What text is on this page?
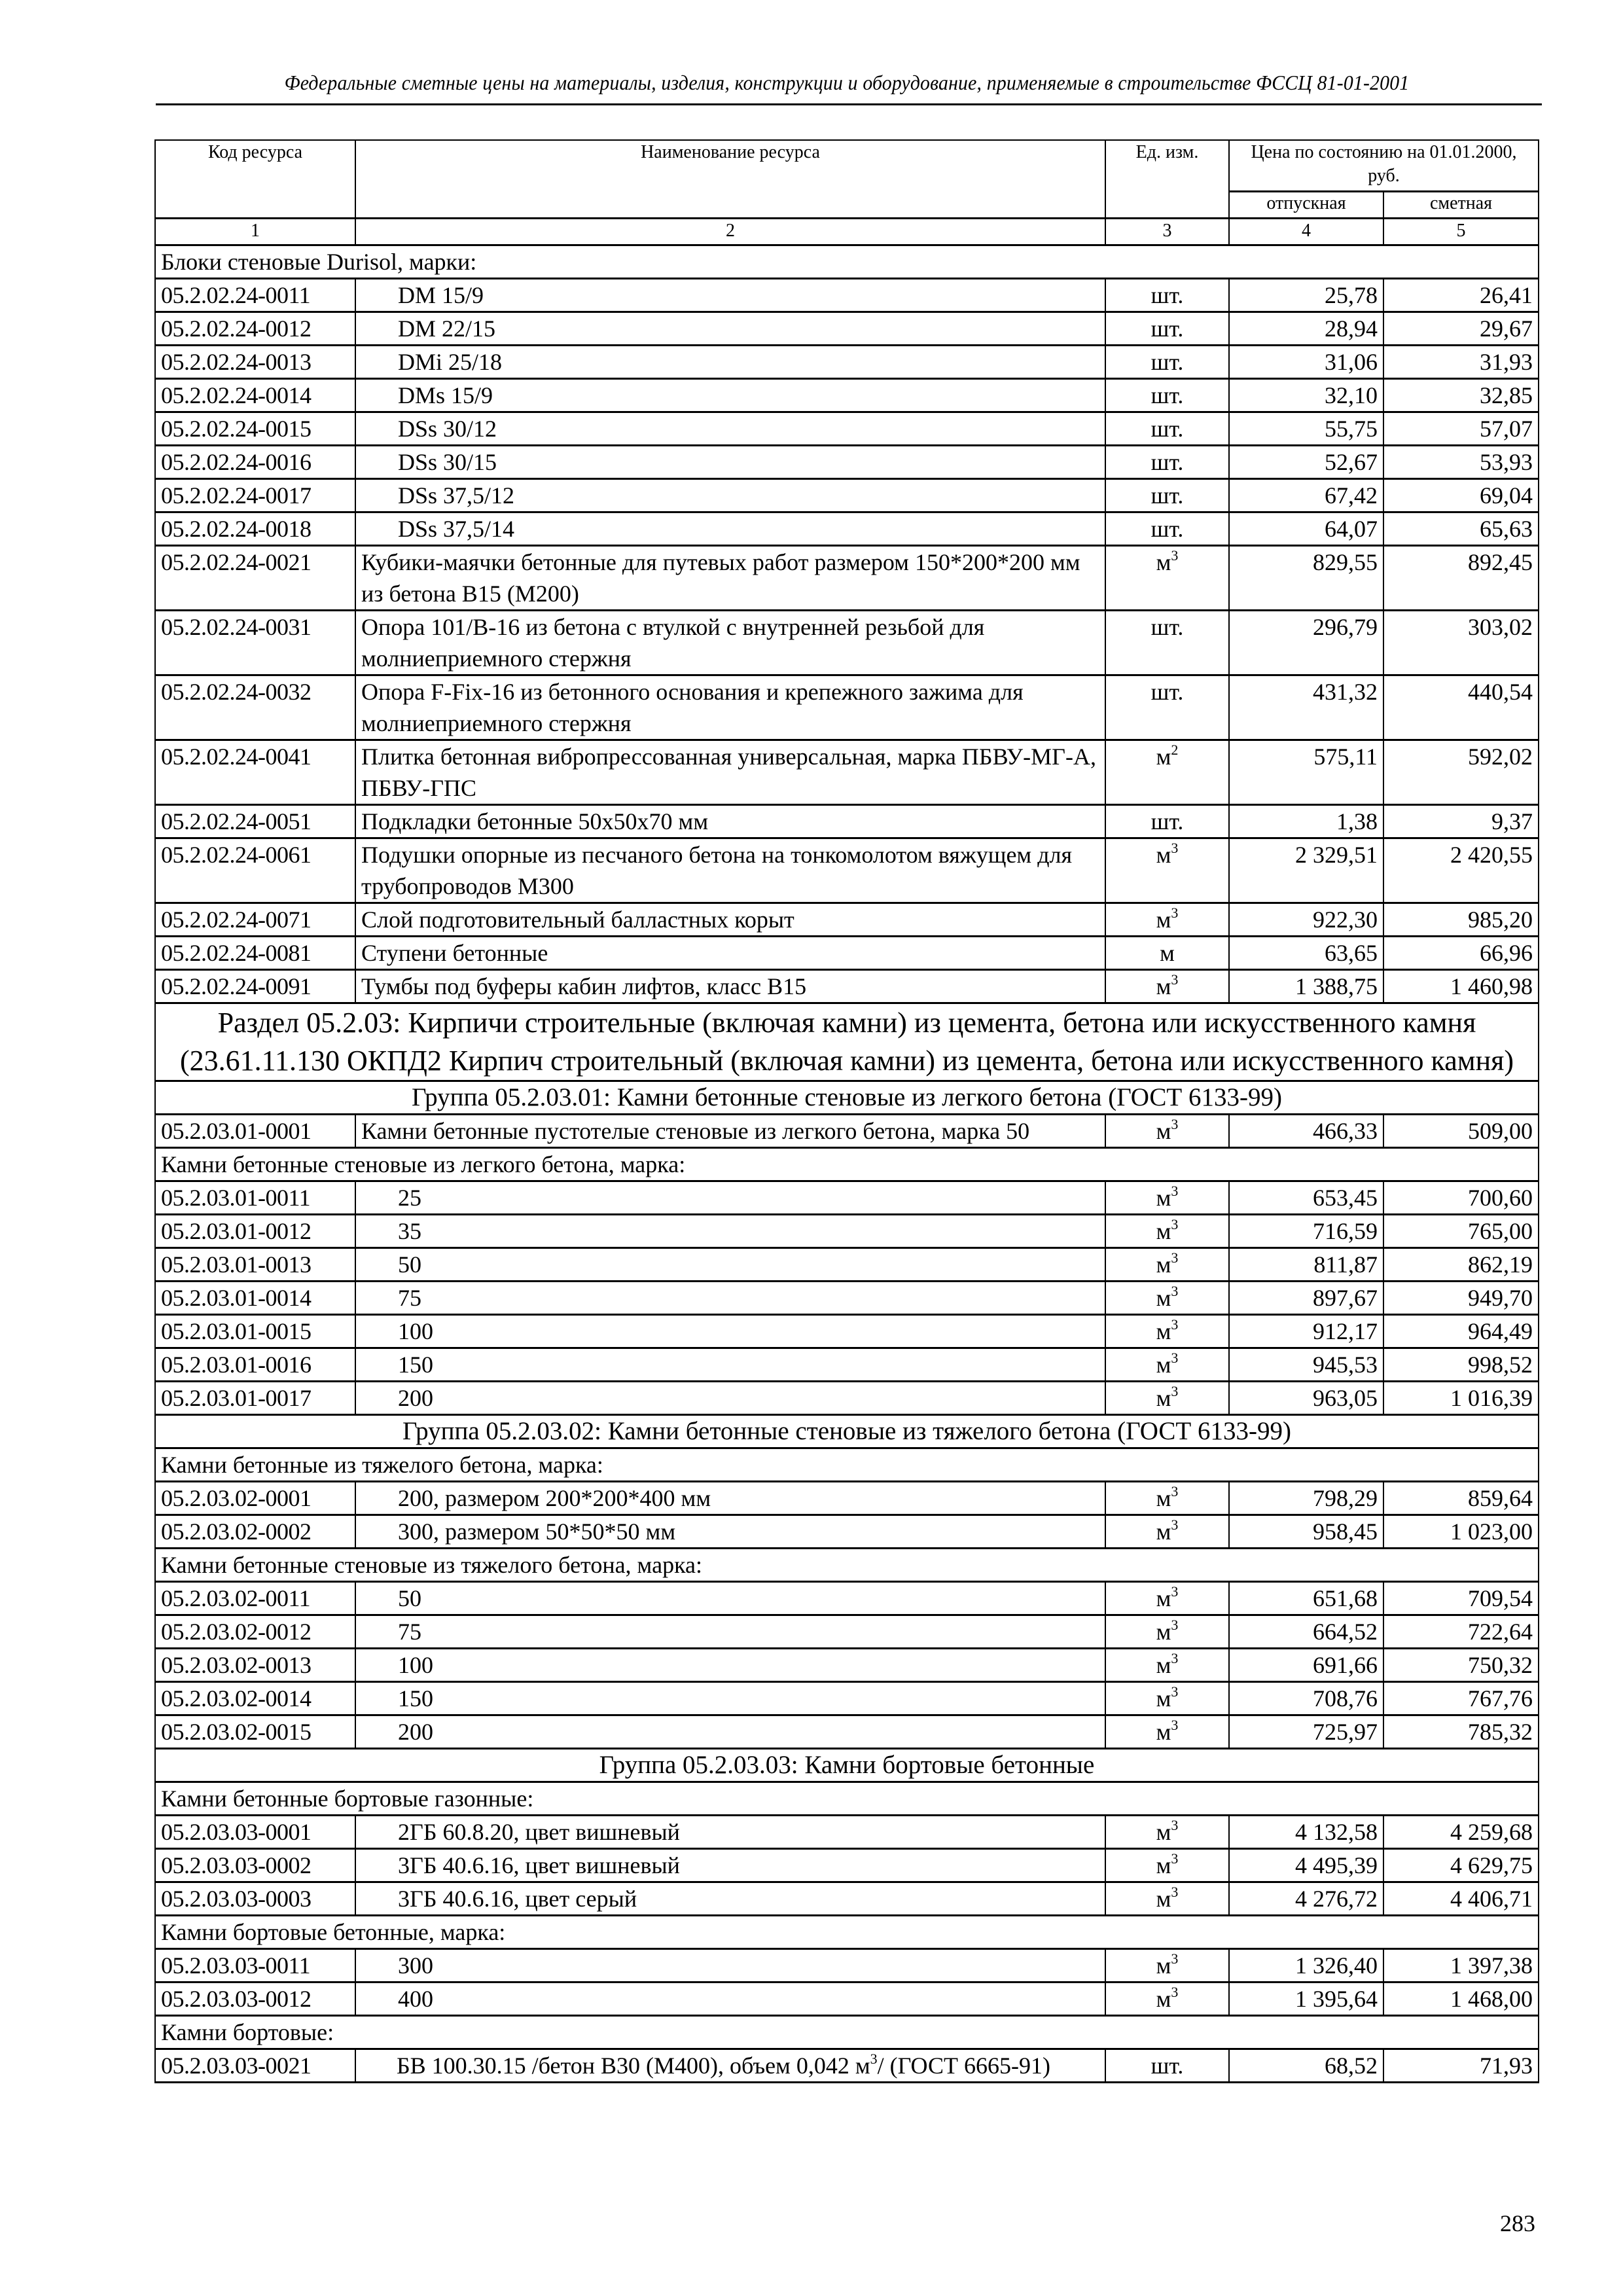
Федеральные сметные цены на материалы, изделия, конструкции и оборудование, применяемые в строительстве ФССЦ 81-01-2001
Код ресурса	Наименование ресурса	Ед. изм.	Цена по состоянию на 01.01.2000, руб.	
			отпускная	сметная
1	2	3	4	5
Блоки стеновые Durisol, марки:				
05.2.02.24-0011	DM 15/9	шт.	25,78	26,41
05.2.02.24-0012	DM 22/15	шт.	28,94	29,67
05.2.02.24-0013	DMi 25/18	шт.	31,06	31,93
05.2.02.24-0014	DMs 15/9	шт.	32,10	32,85
05.2.02.24-0015	DSs 30/12	шт.	55,75	57,07
05.2.02.24-0016	DSs 30/15	шт.	52,67	53,93
05.2.02.24-0017	DSs 37,5/12	шт.	67,42	69,04
05.2.02.24-0018	DSs 37,5/14	шт.	64,07	65,63
05.2.02.24-0021	Кубики-маячки бетонные для путевых работ размером 150*200*200 мм из бетона В15 (М200)	$м^3$	829,55	892,45
05.2.02.24-0031	Опора 101/В-16 из бетона с втулкой с внутренней резьбой для молниеприемного стержня	шт.	296,79	303,02
05.2.02.24-0032	Опора F-Fix-16 из бетонного основания и крепежного зажима для молниеприемного стержня	шт.	431,32	440,54
05.2.02.24-0041	Плитка бетонная вибропрессованная универсальная, марка ПБВУ-МГ-А, ПБВУ-ГПС	$м^2$	575,11	592,02
05.2.02.24-0051	Подкладки бетонные 50х50х70 мм	шт.	1,38	9,37
05.2.02.24-0061	Подушки опорные из песчаного бетона на тонкомолотом вяжущем для трубопроводов М300	$м^3$	2 329,51	2 420,55
05.2.02.24-0071	Слой подготовительный балластных корыт	$м^3$	922,30	985,20
05.2.02.24-0081	Ступени бетонные	м	63,65	66,96
05.2.02.24-0091	Тумбы под буферы кабин лифтов, класс В15	$м^3$	1 388,75	1 460,98
Раздел 05.2.03: Кирпичи строительные (включая камни) из цемента, бетона или искусственного камня (23.61.11.130 ОКПД2 Кирпич строительный (включая камни) из цемента, бетона или искусственного камня)				
Группа 05.2.03.01: Камни бетонные стеновые из легкого бетона (ГОСТ 6133-99)				
05.2.03.01-0001	Камни бетонные пустотелые стеновые из легкого бетона, марка 50	$м^3$	466,33	509,00
Камни бетонные стеновые из легкого бетона, марка:				
05.2.03.01-0011	25	$м^3$	653,45	700,60
05.2.03.01-0012	35	$м^3$	716,59	765,00
05.2.03.01-0013	50	$м^3$	811,87	862,19
05.2.03.01-0014	75	$м^3$	897,67	949,70
05.2.03.01-0015	100	$м^3$	912,17	964,49
05.2.03.01-0016	150	$м^3$	945,53	998,52
05.2.03.01-0017	200	$м^3$	963,05	1 016,39
Группа 05.2.03.02: Камни бетонные стеновые из тяжелого бетона (ГОСТ 6133-99)				
Камни бетонные из тяжелого бетона, марка:				
05.2.03.02-0001	200, размером 200*200*400 мм	$м^3$	798,29	859,64
05.2.03.02-0002	300, размером 50*50*50 мм	$м^3$	958,45	1 023,00
Камни бетонные стеновые из тяжелого бетона, марка:				
05.2.03.02-0011	50	$м^3$	651,68	709,54
05.2.03.02-0012	75	$м^3$	664,52	722,64
05.2.03.02-0013	100	$м^3$	691,66	750,32
05.2.03.02-0014	150	$м^3$	708,76	767,76
05.2.03.02-0015	200	$м^3$	725,97	785,32
Группа 05.2.03.03: Камни бортовые бетонные				
Камни бетонные бортовые газонные:				
05.2.03.03-0001	2ГБ 60.8.20, цвет вишневый	$м^3$	4 132,58	4 259,68
05.2.03.03-0002	3ГБ 40.6.16, цвет вишневый	$м^3$	4 495,39	4 629,75
05.2.03.03-0003	3ГБ 40.6.16, цвет серый	$м^3$	4 276,72	4 406,71
Камни бортовые бетонные, марка:				
05.2.03.03-0011	300	$м^3$	1 326,40	1 397,38
05.2.03.03-0012	400	$м^3$	1 395,64	1 468,00
Камни бортовые:				
05.2.03.03-0021	БВ 100.30.15 /бетон В30 (М400), объем 0,042 $м^3/$ (ГОСТ 6665-91)	шт.	68,52	71,93
283
